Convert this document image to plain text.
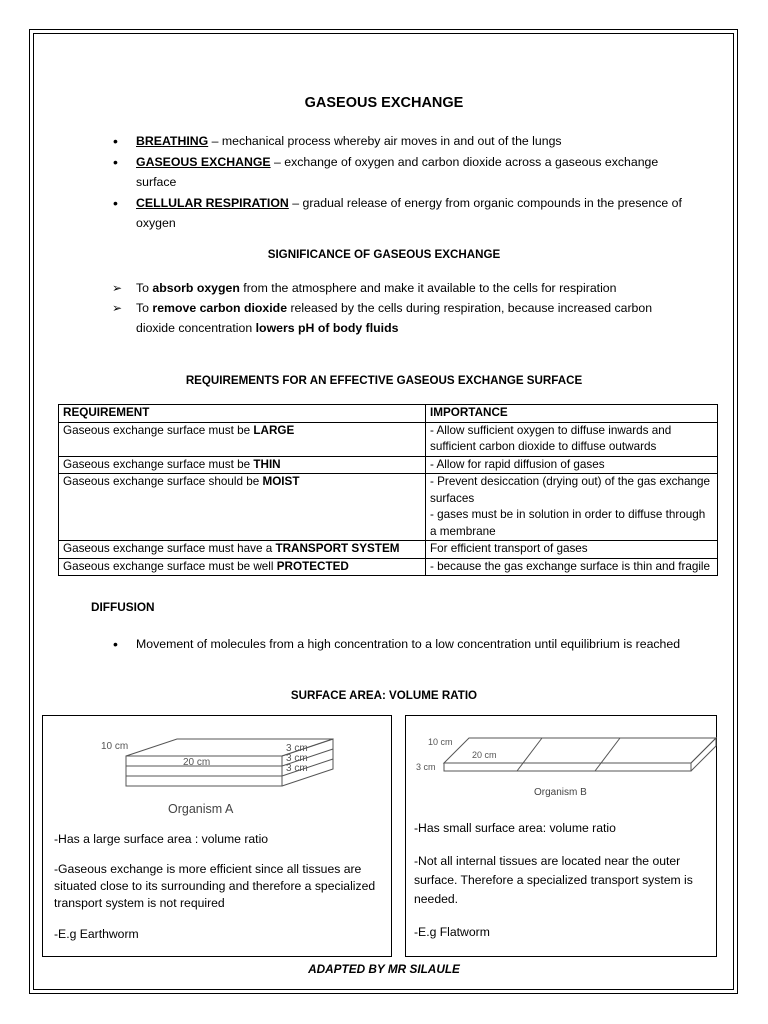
GASEOUS EXCHANGE
• BREATHING – mechanical process whereby air moves in and out of the lungs
• GASEOUS EXCHANGE – exchange of oxygen and carbon dioxide across a gaseous exchange surface
• CELLULAR RESPIRATION – gradual release of energy from organic compounds in the presence of oxygen
SIGNIFICANCE OF GASEOUS EXCHANGE
➢ To absorb oxygen from the atmosphere and make it available to the cells for respiration
➢ To remove carbon dioxide released by the cells during respiration, because increased carbon dioxide concentration lowers pH of body fluids
REQUIREMENTS FOR AN EFFECTIVE GASEOUS EXCHANGE SURFACE
REQUIREMENT	IMPORTANCE
Gaseous exchange surface must be LARGE	- Allow sufficient oxygen to diffuse inwards and sufficient carbon dioxide to diffuse outwards
Gaseous exchange surface must be THIN	- Allow for rapid diffusion of gases
Gaseous exchange surface should be MOIST	- Prevent desiccation (drying out) of the gas exchange surfaces
- gases must be in solution in order to diffuse through a membrane

Gaseous exchange surface must have a TRANSPORT SYSTEM	For efficient transport of gases
Gaseous exchange surface must be well PROTECTED	- because the gas exchange surface is thin and fragile
DIFFUSION
• Movement of molecules from a high concentration to a low concentration until equilibrium is reached
SURFACE AREA: VOLUME RATIO
10 cm
20 cm
3 cm
3 cm
3 cm
Organism A

-Has a large surface area : volume ratio

-Gaseous exchange is more efficient since all tissues are situated close to its surrounding and therefore a specialized transport system is not required

-E.g Earthworm

10 cm
20 cm
3 cm
Organism B

-Has small surface area: volume ratio

-Not all internal tissues are located near the outer surface. Therefore a specialized transport system is needed.

-E.g Flatworm

ADAPTED BY MR SILAULE
